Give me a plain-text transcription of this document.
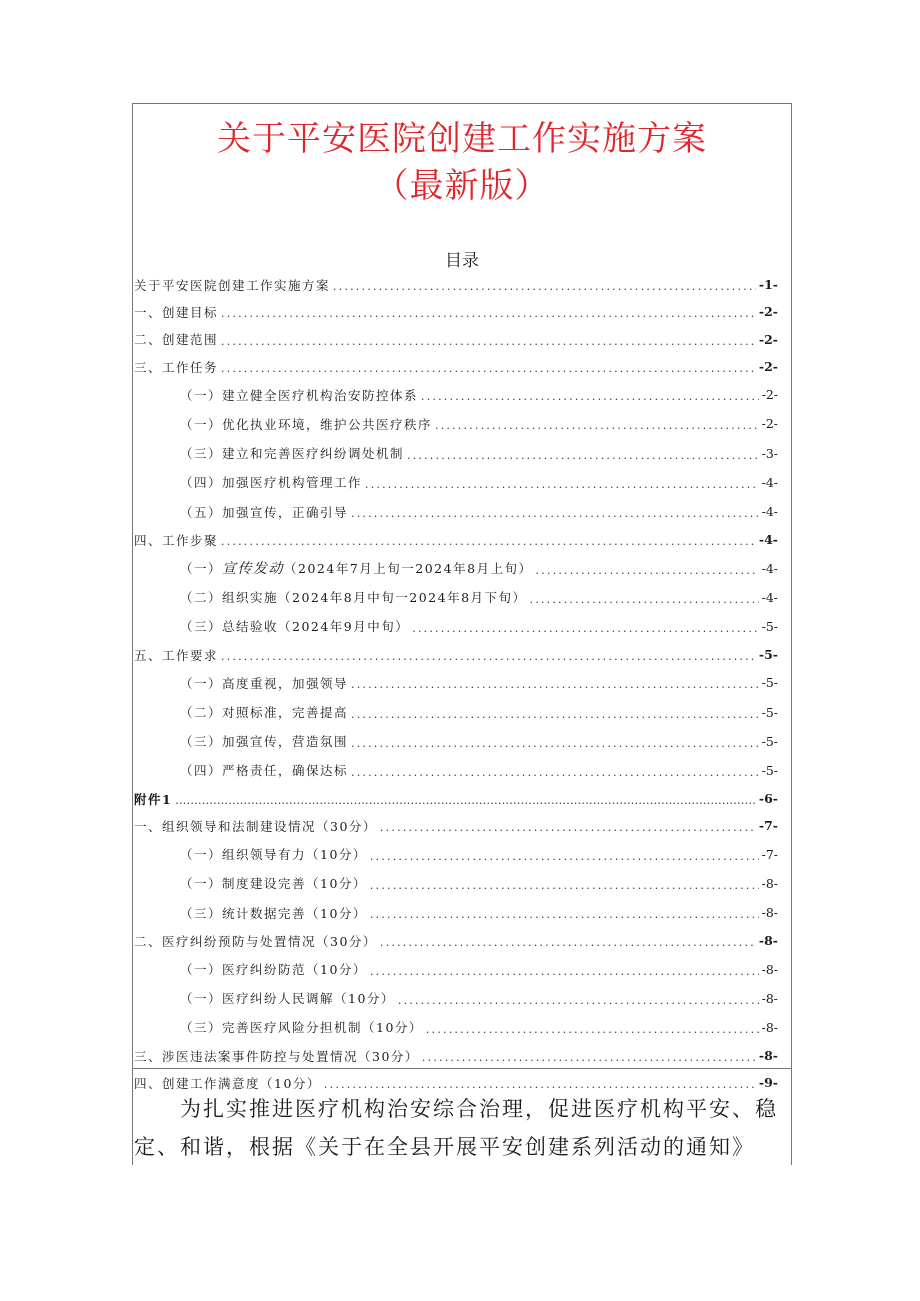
关于平安医院创建工作实施方案
（最新版）
目录
关于平安医院创建工作实施方案 .....	-1-
一、创建目标 .....	-2-
二、创建范围 .....	-2-
三、工作任务 .....	-2-
（一）建立健全医疗机构治安防控体系 .....	-2-
（一）优化执业环境，维护公共医疗秩序 .....	-2-
（三）建立和完善医疗纠纷调处机制 .....	-3-
（四）加强医疗机构管理工作 .....	-4-
（五）加强宣传，正确引导 .....	-4-
四、工作步聚 .....	-4-
（一）宣传发动（2024年7月上旬一2024年8月上旬） .....	-4-
（二）组织实施（2024年8月中旬一2024年8月下旬） .....	-4-
（三）总结验收（2024年9月中旬） .....	-5-
五、工作要求 .....	-5-
（一）高度重视，加强领导 .....	-5-
（二）对照标准，完善提高 .....	-5-
（三）加强宣传，营造氛围 .....	-5-
（四）严格责任，确保达标 .....	-5-
附件1 .....	-6-
一、组织领导和法制建设情况（30分） .....	-7-
（一）组织领导有力（10分） .....	-7-
（一）制度建设完善（10分） .....	-8-
（三）统计数据完善（10分） .....	-8-
二、医疗纠纷预防与处置情况（30分） .....	-8-
（一）医疗纠纷防范（10分） .....	-8-
（一）医疗纠纷人民调解（10分） .....	-8-
（三）完善医疗风险分担机制（10分） .....	-8-
三、涉医违法案事件防控与处置情况（30分） .....	-8-
四、创建工作满意度（10分） .....	-9-
为扎实推进医疗机构治安综合治理，促进医疗机构平安、稳定、和谐，根据《关于在全县开展平安创建系列活动的通知》
